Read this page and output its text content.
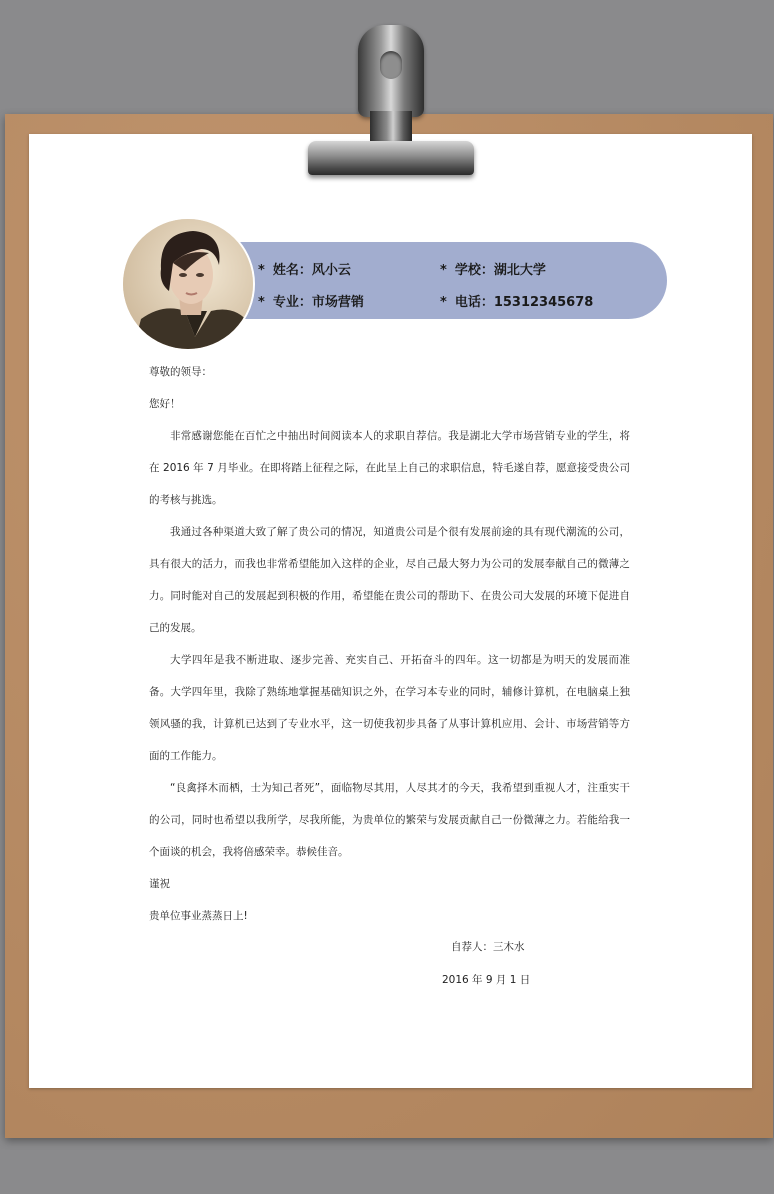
* 姓名：风小云	* 学校：湖北大学
* 专业：市场营销	* 电话：15312345678

尊敬的领导：

您好！

非常感谢您能在百忙之中抽出时间阅读本人的求职自荐信。我是湖北大学市场营销专业的学生，将在 2016 年 7 月毕业。在即将踏上征程之际，在此呈上自己的求职信息，特毛遂自荐，愿意接受贵公司的考核与挑选。

我通过各种渠道大致了解了贵公司的情况，知道贵公司是个很有发展前途的具有现代潮流的公司，具有很大的活力，而我也非常希望能加入这样的企业，尽自己最大努力为公司的发展奉献自己的微薄之力。同时能对自己的发展起到积极的作用，希望能在贵公司的帮助下、在贵公司大发展的环境下促进自己的发展。

大学四年是我不断进取、逐步完善、充实自己、开拓奋斗的四年。这一切都是为明天的发展而准备。大学四年里，我除了熟练地掌握基础知识之外，在学习本专业的同时，辅修计算机，在电脑桌上独领风骚的我，计算机已达到了专业水平，这一切使我初步具备了从事计算机应用、会计、市场营销等方面的工作能力。

“良禽择木而栖，士为知己者死”，面临物尽其用，人尽其才的今天，我希望到重视人才，注重实干的公司，同时也希望以我所学，尽我所能，为贵单位的繁荣与发展贡献自己一份微薄之力。若能给我一个面谈的机会，我将倍感荣幸。恭候佳音。

谨祝

贵单位事业蒸蒸日上!

自荐人：三木水
2016 年 9 月 1 日
